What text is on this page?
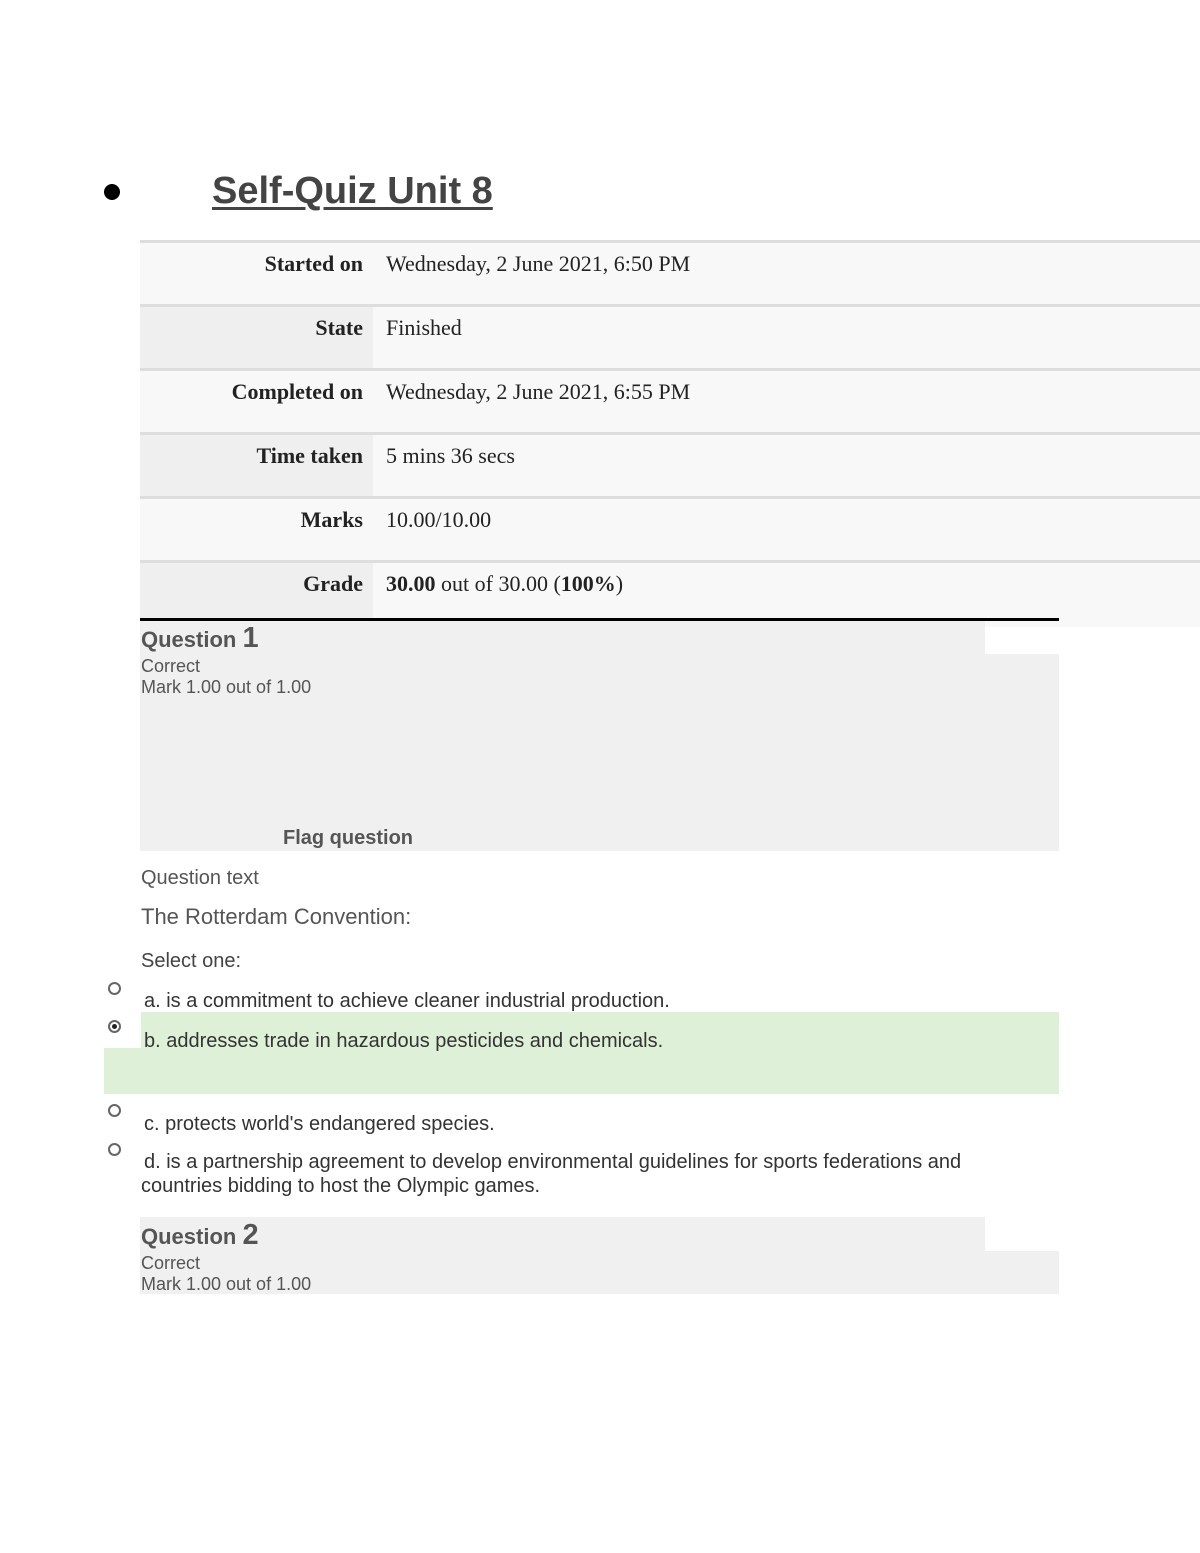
Self-Quiz Unit 8
Started on	Wednesday, 2 June 2021, 6:50 PM
State	Finished
Completed on	Wednesday, 2 June 2021, 6:55 PM
Time taken	5 mins 36 secs
Marks	10.00/10.00
Grade	30.00 out of 30.00 (100%)
Question 1
Correct
Mark 1.00 out of 1.00
Flag question
Question text
The Rotterdam Convention:
Select one:
a. is a commitment to achieve cleaner industrial production.
b. addresses trade in hazardous pesticides and chemicals.
c. protects world's endangered species.
d. is a partnership agreement to develop environmental guidelines for sports federations and countries bidding to host the Olympic games.
Question 2
Correct
Mark 1.00 out of 1.00
